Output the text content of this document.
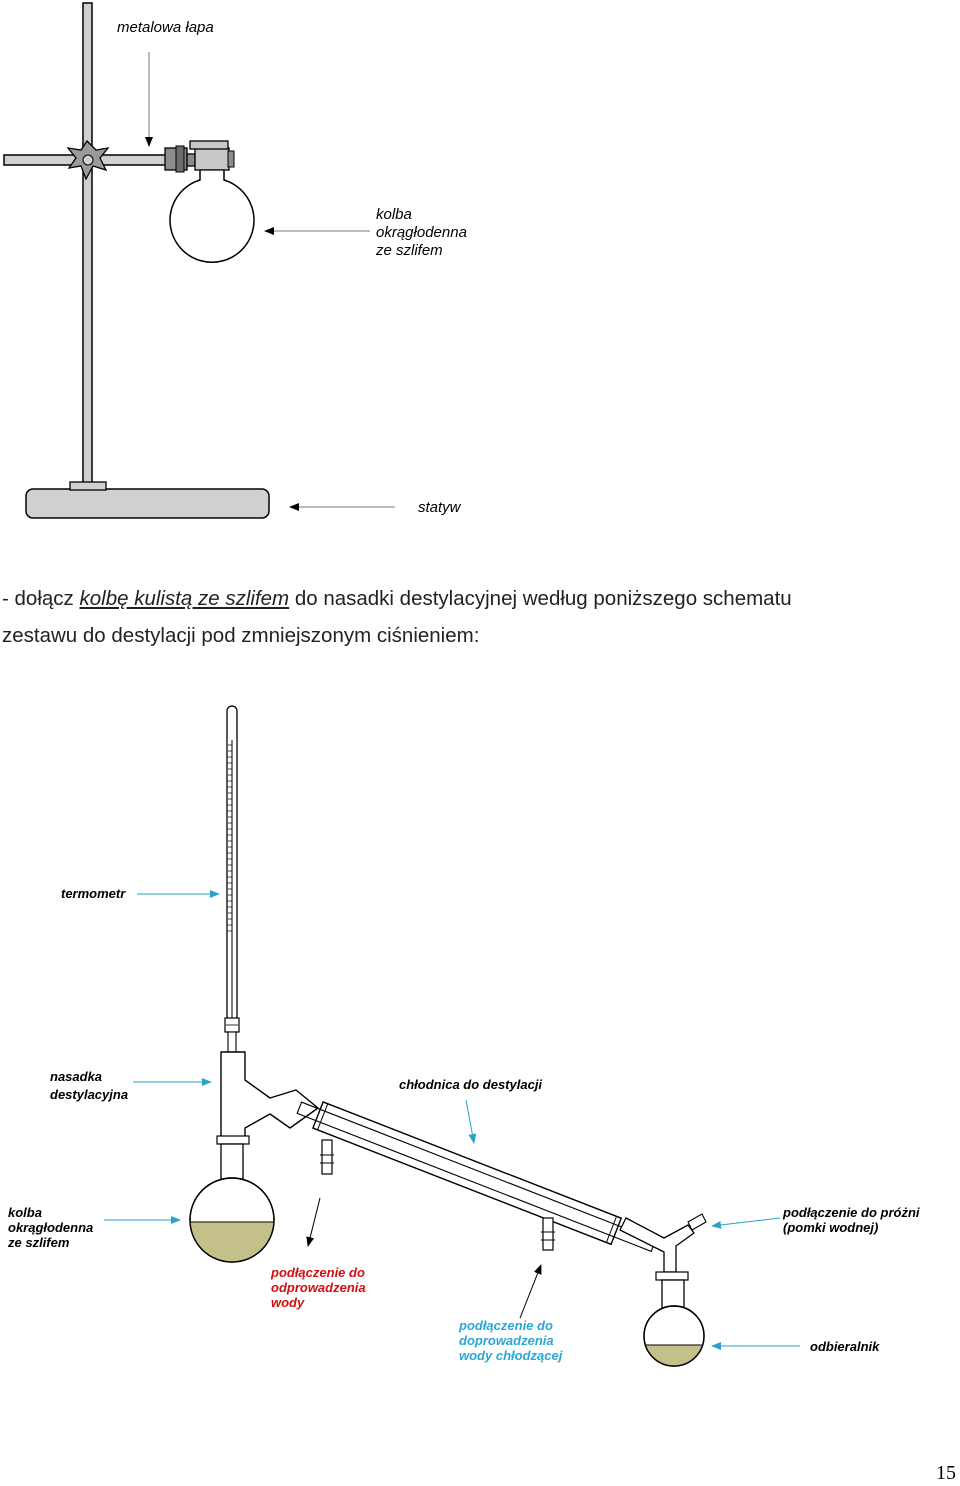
metalowa łapa
kolba
okrągłodenna
ze szlifem
statyw
termometr
nasadka
destylacyjna
chłodnica do destylacji
kolba
okrągłodenna
ze szlifem
podłączenie do
odprowadzenia
wody
podłączenie do
doprowadzenia
wody chłodzącej
podłączenie do próżni
(pomki wodnej)
odbieralnik
- dołącz kolbę kulistą ze szlifem do nasadki destylacyjnej według poniższego schematu
zestawu do destylacji pod zmniejszonym ciśnieniem:
15
